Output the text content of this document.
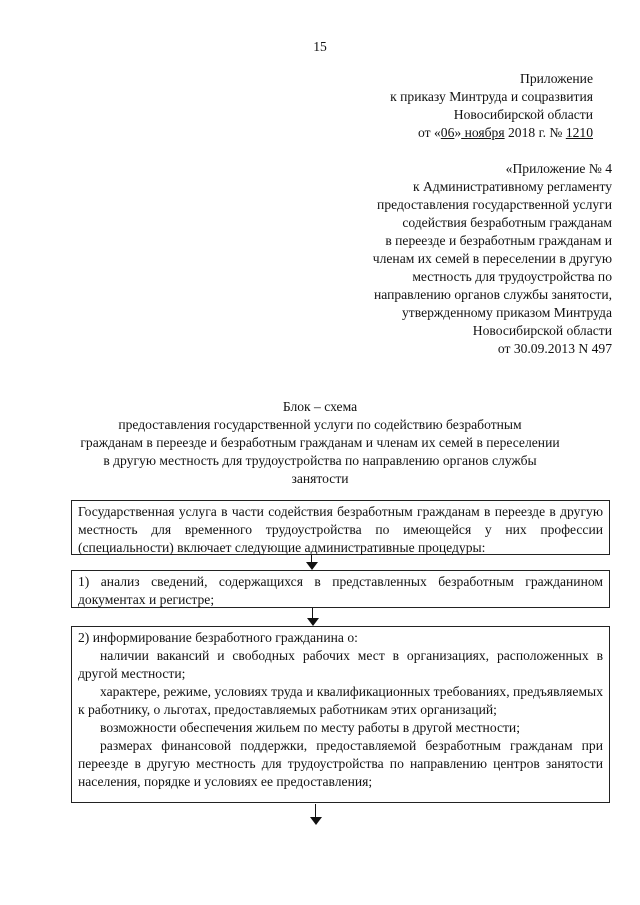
15
Приложение
к приказу Минтруда и соцразвития
Новосибирской области
от «06» ноября 2018 г. № 1210
«Приложение № 4
к Административному регламенту
предоставления государственной услуги
содействия безработным гражданам
в переезде и безработным гражданам и
членам их семей в переселении в другую
местность для трудоустройства по
направлению органов службы занятости,
утвержденному приказом Минтруда
Новосибирской области
от 30.09.2013 N 497
Блок – схема
предоставления государственной услуги по содействию безработным
гражданам в переезде и безработным гражданам и членам их семей в переселении
в другую местность для трудоустройства по направлению органов службы
занятости
Государственная услуга в части содействия безработным гражданам в переезде в другую местность для временного трудоустройства по имеющейся у них профессии (специальности) включает следующие административные процедуры:
1) анализ сведений, содержащихся в представленных безработным гражданином документах и регистре;
2) информирование безработного гражданина о:
наличии вакансий и свободных рабочих мест в организациях, расположенных в другой местности;
характере, режиме, условиях труда и квалификационных требованиях, предъявляемых к работнику, о льготах, предоставляемых работникам этих организаций;
возможности обеспечения жильем по месту работы в другой местности;
размерах финансовой поддержки, предоставляемой безработным гражданам при переезде в другую местность для трудоустройства по направлению центров занятости населения, порядке и условиях ее предоставления;
